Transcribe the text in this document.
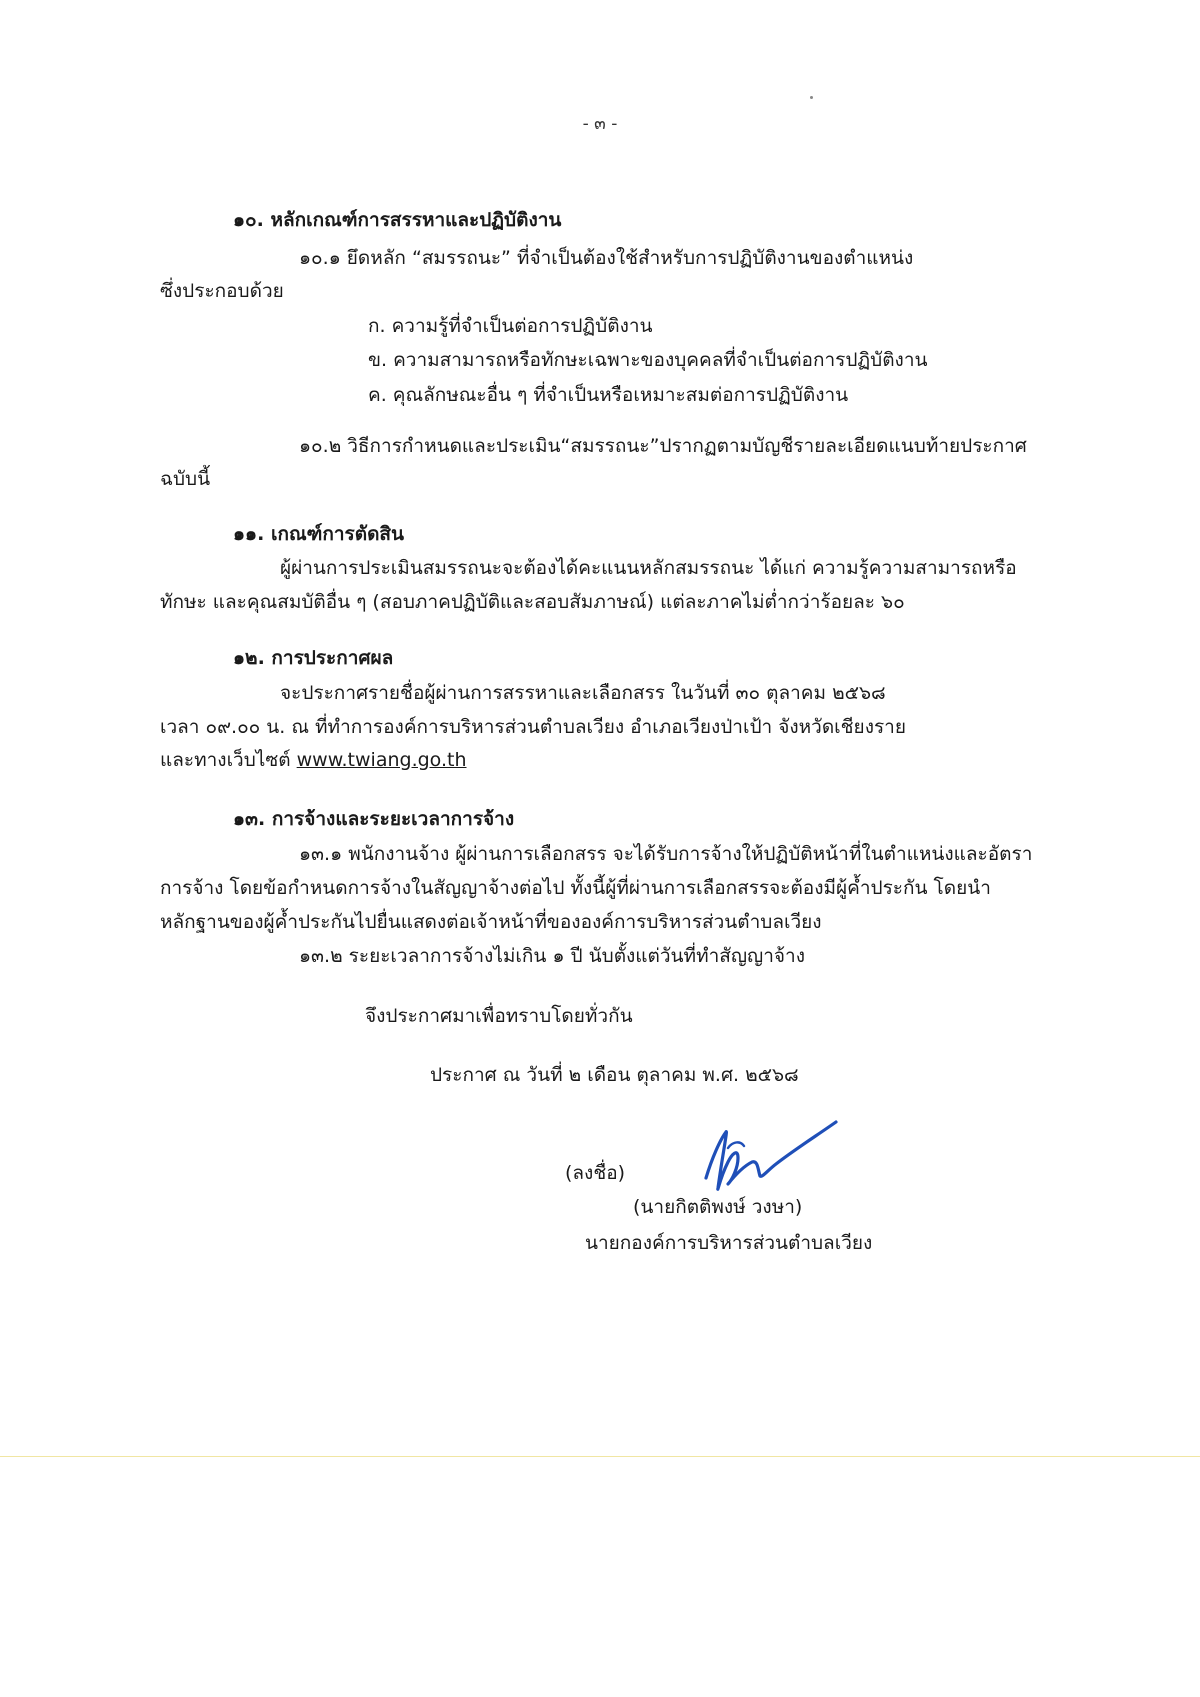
- ๓ -
๑๐. หลักเกณฑ์การสรรหาและปฏิบัติงาน
๑๐.๑ ยึดหลัก “สมรรถนะ” ที่จำเป็นต้องใช้สำหรับการปฏิบัติงานของตำแหน่ง
ซึ่งประกอบด้วย
ก. ความรู้ที่จำเป็นต่อการปฏิบัติงาน
ข. ความสามารถหรือทักษะเฉพาะของบุคคลที่จำเป็นต่อการปฏิบัติงาน
ค. คุณลักษณะอื่น ๆ ที่จำเป็นหรือเหมาะสมต่อการปฏิบัติงาน
๑๐.๒ วิธีการกำหนดและประเมิน“สมรรถนะ”ปรากฏตามบัญชีรายละเอียดแนบท้ายประกาศ
ฉบับนี้
๑๑. เกณฑ์การตัดสิน
ผู้ผ่านการประเมินสมรรถนะจะต้องได้คะแนนหลักสมรรถนะ ได้แก่ ความรู้ความสามารถหรือ
ทักษะ และคุณสมบัติอื่น ๆ (สอบภาคปฏิบัติและสอบสัมภาษณ์) แต่ละภาคไม่ต่ำกว่าร้อยละ ๖๐
๑๒. การประกาศผล
จะประกาศรายชื่อผู้ผ่านการสรรหาและเลือกสรร ในวันที่ ๓๐ ตุลาคม ๒๕๖๘
เวลา ๐๙.๐๐ น. ณ ที่ทำการองค์การบริหารส่วนตำบลเวียง อำเภอเวียงป่าเป้า จังหวัดเชียงราย
และทางเว็บไซต์ www.twiang.go.th
๑๓. การจ้างและระยะเวลาการจ้าง
๑๓.๑ พนักงานจ้าง ผู้ผ่านการเลือกสรร จะได้รับการจ้างให้ปฏิบัติหน้าที่ในตำแหน่งและอัตรา
การจ้าง โดยข้อกำหนดการจ้างในสัญญาจ้างต่อไป ทั้งนี้ผู้ที่ผ่านการเลือกสรรจะต้องมีผู้ค้ำประกัน โดยนำ
หลักฐานของผู้ค้ำประกันไปยื่นแสดงต่อเจ้าหน้าที่ขององค์การบริหารส่วนตำบลเวียง
๑๓.๒ ระยะเวลาการจ้างไม่เกิน ๑ ปี นับตั้งแต่วันที่ทำสัญญาจ้าง
จึงประกาศมาเพื่อทราบโดยทั่วกัน
ประกาศ ณ วันที่ ๒ เดือน ตุลาคม พ.ศ. ๒๕๖๘
(ลงชื่อ)
(นายกิตติพงษ์ วงษา)
นายกองค์การบริหารส่วนตำบลเวียง
